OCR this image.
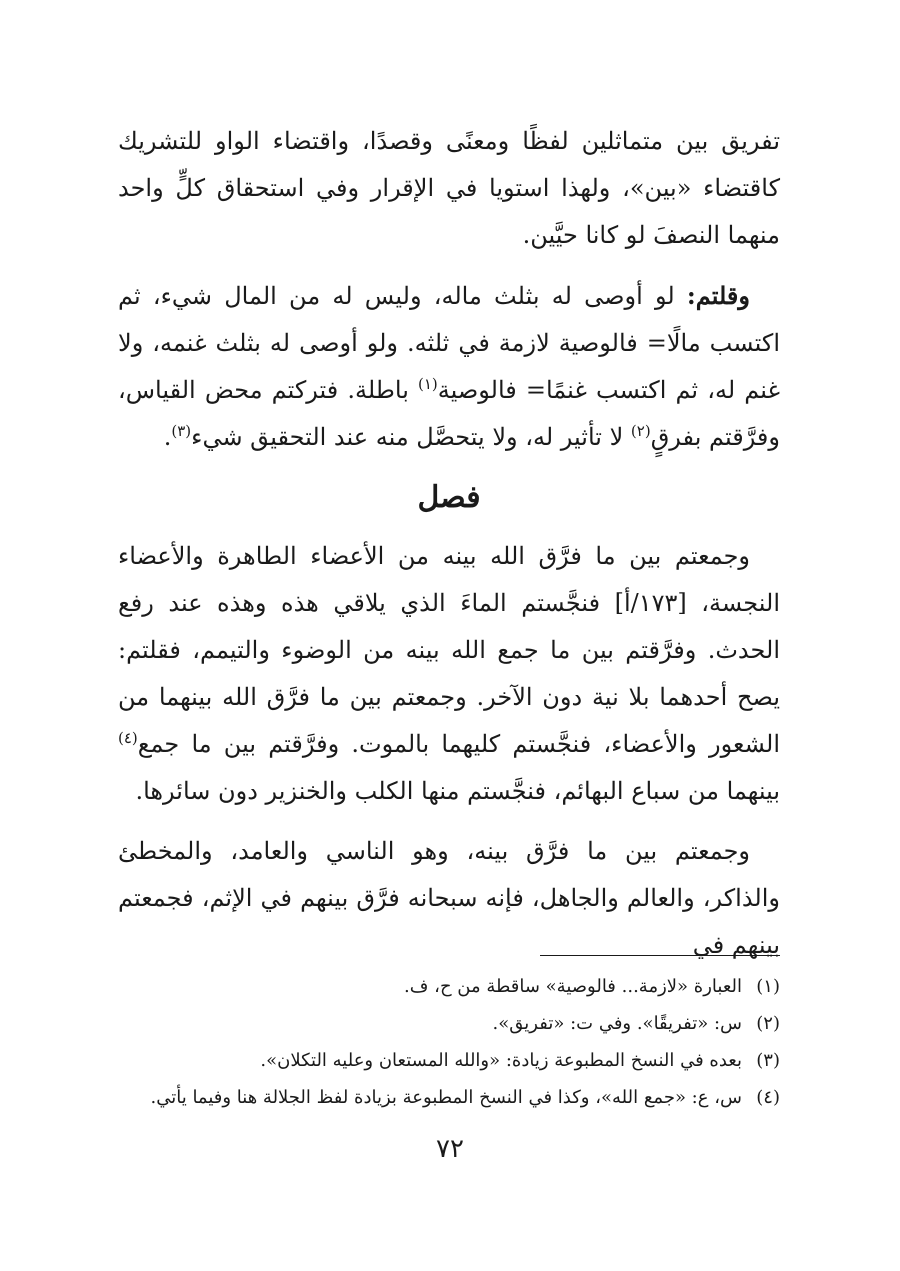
تفريق بين متماثلين لفظًا ومعنًى وقصدًا، واقتضاء الواو للتشريك كاقتضاء «بين»، ولهذا استويا في الإقرار وفي استحقاق كلٍّ واحد منهما النصفَ لو كانا حيَّين.

وقلتم: لو أوصى له بثلث ماله، وليس له من المال شيء، ثم اكتسب مالًا= فالوصية لازمة في ثلثه. ولو أوصى له بثلث غنمه، ولا غنم له، ثم اكتسب غنمًا= فالوصية$^{(١)}$ باطلة. فتركتم محض القياس، وفرَّقتم بفرقٍ$^{(٢)}$ لا تأثير له، ولا يتحصَّل منه عند التحقيق شيء$^{(٣)}$.

فصل

وجمعتم بين ما فرَّق الله بينه من الأعضاء الطاهرة والأعضاء النجسة، [١٧٣/أ] فنجَّستم الماءَ الذي يلاقي هذه وهذه عند رفع الحدث. وفرَّقتم بين ما جمع الله بينه من الوضوء والتيمم، فقلتم: يصح أحدهما بلا نية دون الآخر. وجمعتم بين ما فرَّق الله بينهما من الشعور والأعضاء، فنجَّستم كليهما بالموت. وفرَّقتم بين ما جمع$^{(٤)}$ بينهما من سباع البهائم، فنجَّستم منها الكلب والخنزير دون سائرها.

وجمعتم بين ما فرَّق بينه، وهو الناسي والعامد، والمخطئ والذاكر، والعالم والجاهل، فإنه سبحانه فرَّق بينهم في الإثم، فجمعتم بينهم في

(١)العبارة «لازمة... فالوصية» ساقطة من ح، ف.
(٢)س: «تفريقًا». وفي ت: «تفريق».
(٣)بعده في النسخ المطبوعة زيادة: «والله المستعان وعليه التكلان».
(٤)س، ع: «جمع الله»، وكذا في النسخ المطبوعة بزيادة لفظ الجلالة هنا وفيما يأتي.
٧٢
